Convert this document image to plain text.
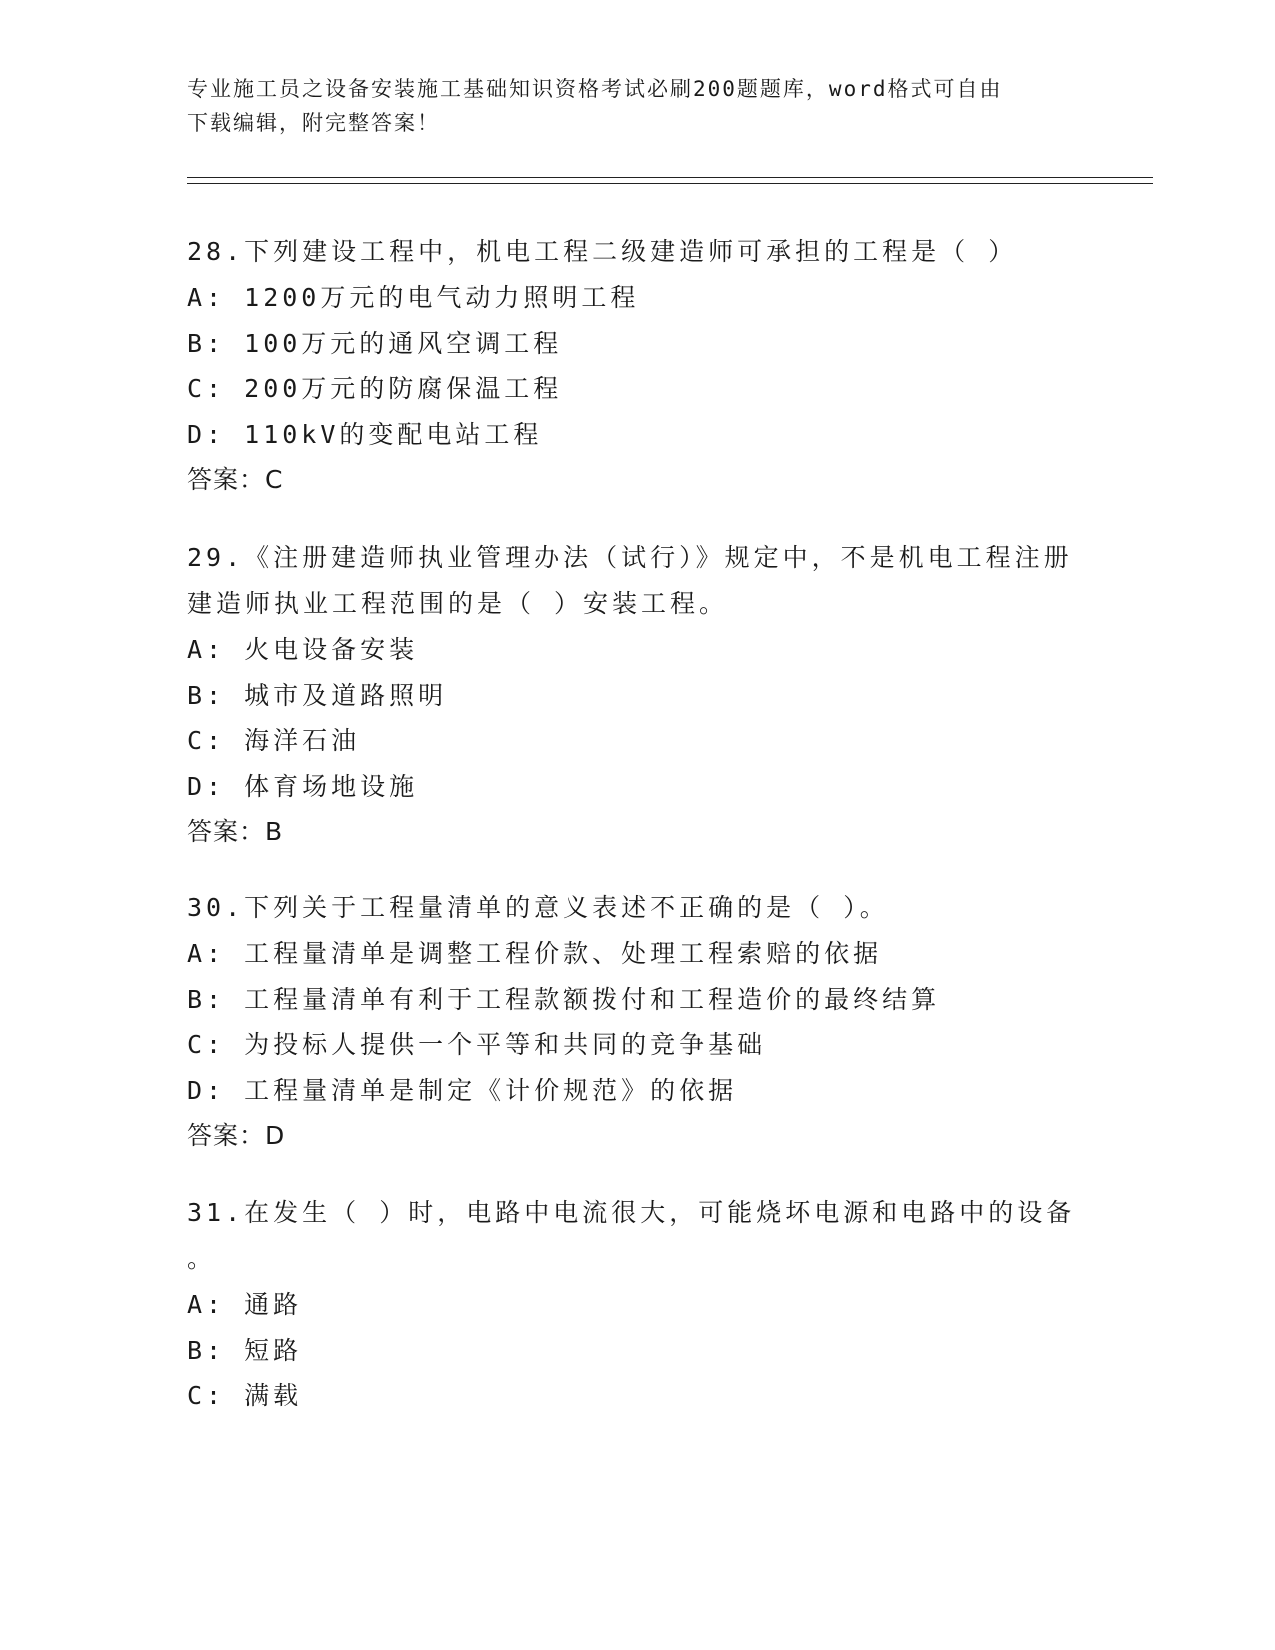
专业施工员之设备安装施工基础知识资格考试必刷200题题库，word格式可自由
下载编辑，附完整答案！
28.下列建设工程中，机电工程二级建造师可承担的工程是（ ）
A: 1200万元的电气动力照明工程
B: 100万元的通风空调工程
C: 200万元的防腐保温工程
D: 110kV的变配电站工程
答案：C
29.《注册建造师执业管理办法（试行）》规定中，不是机电工程注册
建造师执业工程范围的是（ ）安装工程。
A: 火电设备安装
B: 城市及道路照明
C: 海洋石油
D: 体育场地设施
答案：B
30.下列关于工程量清单的意义表述不正确的是（ ）。
A: 工程量清单是调整工程价款、处理工程索赔的依据
B: 工程量清单有利于工程款额拨付和工程造价的最终结算
C: 为投标人提供一个平等和共同的竞争基础
D: 工程量清单是制定《计价规范》的依据
答案：D
31.在发生（ ）时，电路中电流很大，可能烧坏电源和电路中的设备
。
A: 通路
B: 短路
C: 满载
